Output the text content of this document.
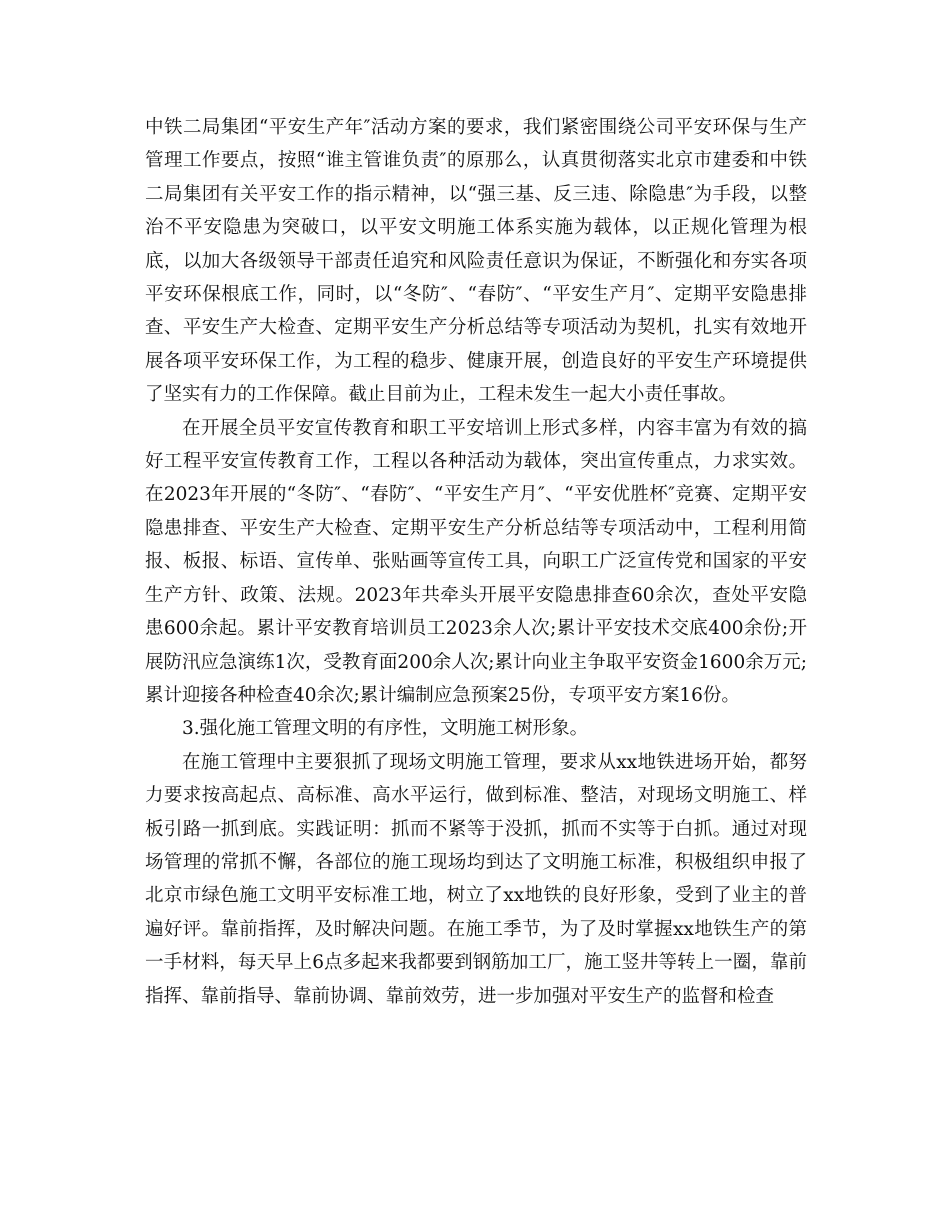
中铁二局集团“平安生产年″活动方案的要求，我们紧密围绕公司平安环保与生产管理工作要点，按照“谁主管谁负责″的原那么，认真贯彻落实北京市建委和中铁二局集团有关平安工作的指示精神，以“强三基、反三违、除隐患″为手段，以整治不平安隐患为突破口，以平安文明施工体系实施为载体，以正规化管理为根底，以加大各级领导干部责任追究和风险责任意识为保证，不断强化和夯实各项平安环保根底工作，同时，以“冬防″、“春防″、“平安生产月″、定期平安隐患排查、平安生产大检查、定期平安生产分析总结等专项活动为契机，扎实有效地开展各项平安环保工作，为工程的稳步、健康开展，创造良好的平安生产环境提供了坚实有力的工作保障。截止目前为止，工程未发生一起大小责任事故。

在开展全员平安宣传教育和职工平安培训上形式多样，内容丰富为有效的搞好工程平安宣传教育工作，工程以各种活动为载体，突出宣传重点，力求实效。在2023年开展的“冬防″、“春防″、“平安生产月″、“平安优胜杯″竞赛、定期平安隐患排查、平安生产大检查、定期平安生产分析总结等专项活动中，工程利用简报、板报、标语、宣传单、张贴画等宣传工具，向职工广泛宣传党和国家的平安生产方针、政策、法规。2023年共牵头开展平安隐患排查60余次，查处平安隐患600余起。累计平安教育培训员工2023余人次;累计平安技术交底400余份;开展防汛应急演练1次，受教育面200余人次;累计向业主争取平安资金1600余万元;累计迎接各种检查40余次;累计编制应急预案25份，专项平安方案16份。

3.强化施工管理文明的有序性，文明施工树形象。

在施工管理中主要狠抓了现场文明施工管理，要求从xx地铁进场开始，都努力要求按高起点、高标准、高水平运行，做到标准、整洁，对现场文明施工、样板引路一抓到底。实践证明：抓而不紧等于没抓，抓而不实等于白抓。通过对现场管理的常抓不懈，各部位的施工现场均到达了文明施工标准，积极组织申报了北京市绿色施工文明平安标准工地，树立了xx地铁的良好形象，受到了业主的普遍好评。靠前指挥，及时解决问题。在施工季节，为了及时掌握xx地铁生产的第一手材料，每天早上6点多起来我都要到钢筋加工厂，施工竖井等转上一圈，靠前指挥、靠前指导、靠前协调、靠前效劳，进一步加强对平安生产的监督和检查
